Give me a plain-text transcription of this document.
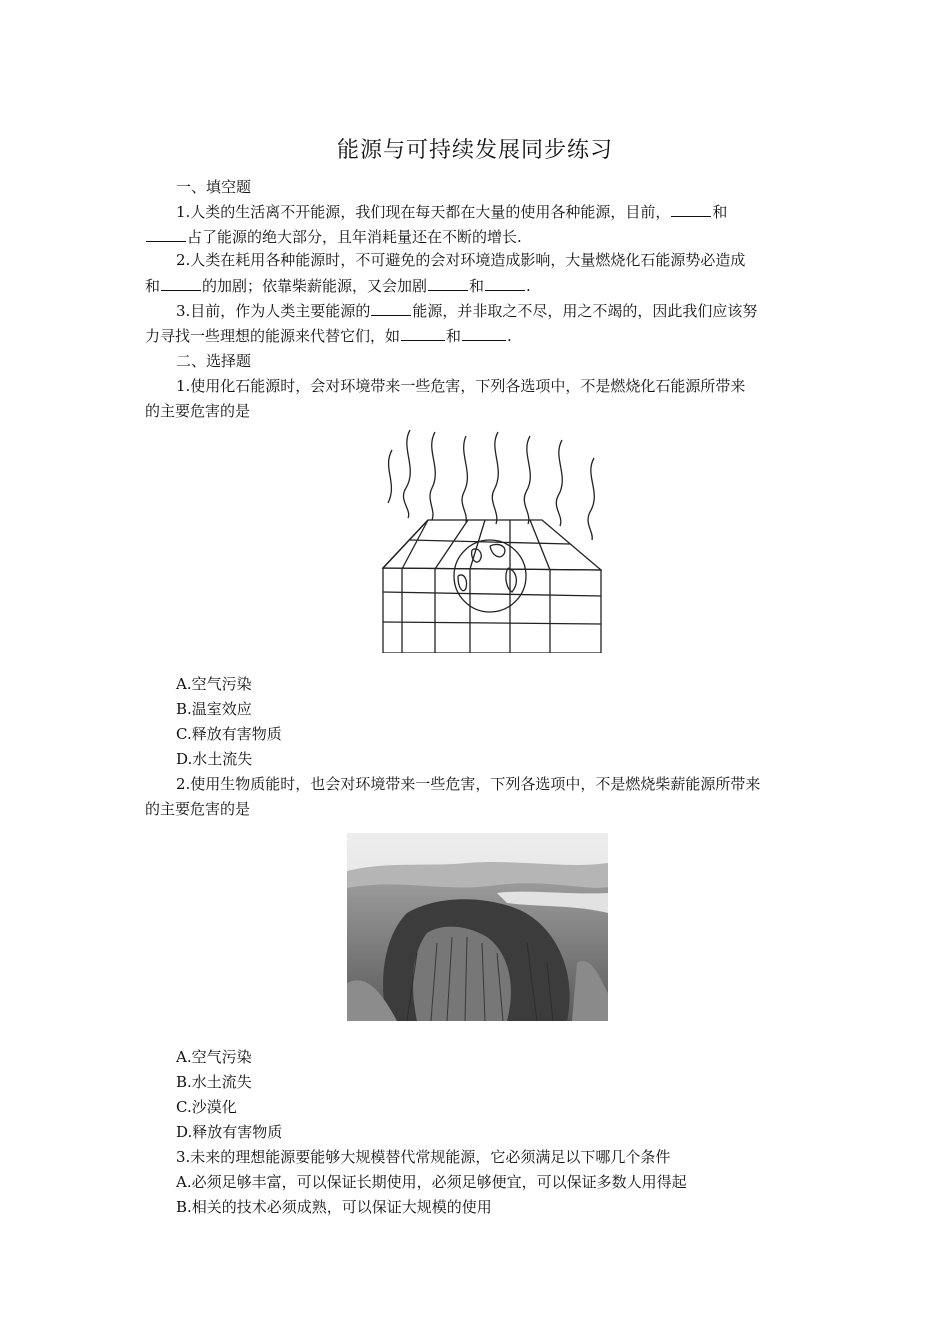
能源与可持续发展同步练习
一、填空题
1.人类的生活离不开能源，我们现在每天都在大量的使用各种能源，目前，	和
占了能源的绝大部分，且年消耗量还在不断的增长.
2.人类在耗用各种能源时，不可避免的会对环境造成影响，大量燃烧化石能源势必造成
和	的加剧；依靠柴薪能源，又会加剧	和	.
3.目前，作为人类主要能源的	能源，并非取之不尽，用之不竭的，因此我们应该努
力寻找一些理想的能源来代替它们，如	和	.
二、选择题
1.使用化石能源时，会对环境带来一些危害，下列各选项中，不是燃烧化石能源所带来
的主要危害的是
A.空气污染
B.温室效应
C.释放有害物质
D.水土流失
2.使用生物质能时，也会对环境带来一些危害，下列各选项中，不是燃烧柴薪能源所带来
的主要危害的是
A.空气污染
B.水土流失
C.沙漠化
D.释放有害物质
3.未来的理想能源要能够大规模替代常规能源，它必须满足以下哪几个条件
A.必须足够丰富，可以保证长期使用，必须足够便宜，可以保证多数人用得起
B.相关的技术必须成熟，可以保证大规模的使用
